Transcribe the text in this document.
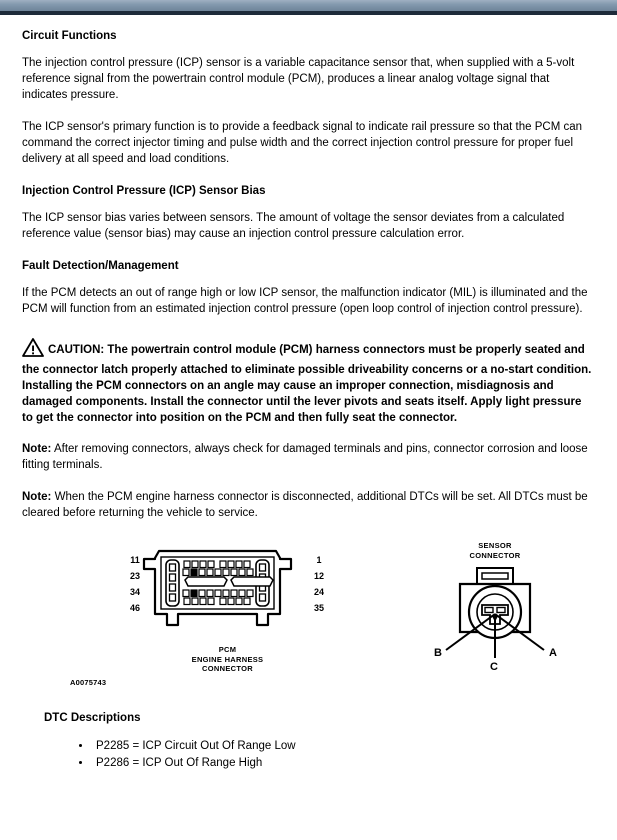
Circuit Functions

The injection control pressure (ICP) sensor is a variable capacitance sensor that, when supplied with a 5-volt reference signal from the powertrain control module (PCM), produces a linear analog voltage signal that indicates pressure.

The ICP sensor's primary function is to provide a feedback signal to indicate rail pressure so that the PCM can command the correct injector timing and pulse width and the correct injection control pressure for proper fuel delivery at all speed and load conditions.

Injection Control Pressure (ICP) Sensor Bias

The ICP sensor bias varies between sensors. The amount of voltage the sensor deviates from a calculated reference value (sensor bias) may cause an injection control pressure calculation error.

Fault Detection/Management

If the PCM detects an out of range high or low ICP sensor, the malfunction indicator (MIL) is illuminated and the PCM will function from an estimated injection control pressure (open loop control of injection control pressure).

CAUTION: The powertrain control module (PCM) harness connectors must be properly seated and the connector latch properly attached to eliminate possible driveability concerns or a no-start condition. Installing the PCM connectors on an angle may cause an improper connection, misdiagnosis and damaged components. Install the connector until the lever pivots and seats itself. Apply light pressure to get the connector into position on the PCM and then fully seat the connector.

Note: After removing connectors, always check for damaged terminals and pins, connector corrosion and loose fitting terminals.

Note: When the PCM engine harness connector is disconnected, additional DTCs will be set. All DTCs must be cleared before returning the vehicle to service.

11
23
34
46
1
12
24
35
PCM
ENGINE HARNESS
CONNECTOR
SENSOR
CONNECTOR
B	A
C
A0075743
DTC Descriptions
• P2285 = ICP Circuit Out Of Range Low
• P2286 = ICP Out Of Range High
